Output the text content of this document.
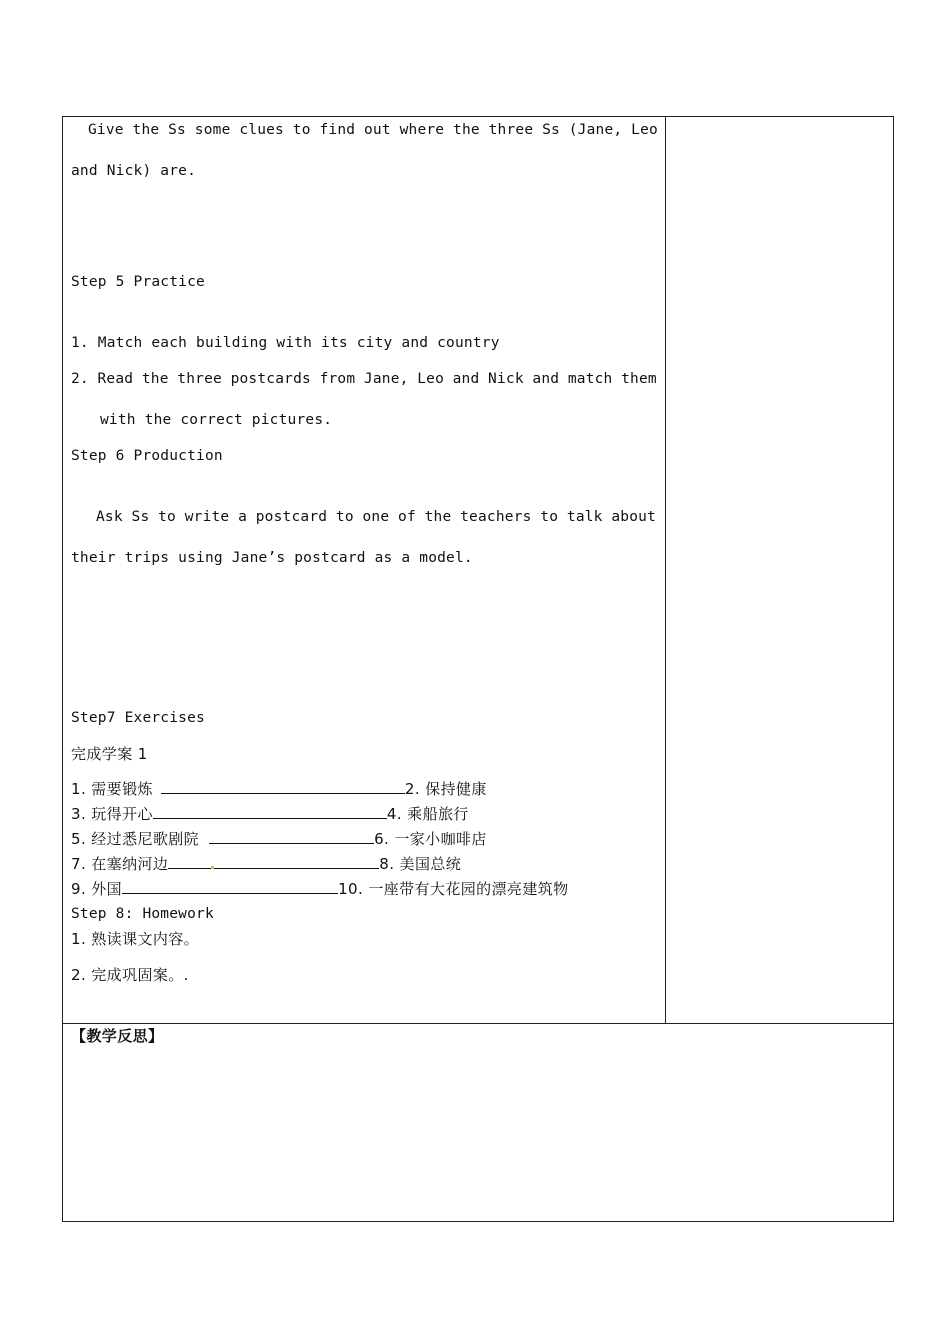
Give the Ss some clues to find out where the three Ss (Jane, Leo
and Nick) are.
Step 5 Practice
1. Match each building with its city and country
2. Read the three postcards from Jane, Leo and Nick and match them
with the correct pictures.
Step 6 Production
Ask Ss to write a postcard to one of the teachers to talk about
their trips using Jane’s postcard as a model.
Step7 Exercises
完成学案 1
1. 需要锻炼	2. 保持健康
3. 玩得开心	4. 乘船旅行
5. 经过悉尼歌剧院	6. 一家小咖啡店
7. 在塞纳河边	8. 美国总统
9. 外国	10. 一座带有大花园的漂亮建筑物
Step 8: Homework
1. 熟读课文内容。
2. 完成巩固案。.
【教学反思】
